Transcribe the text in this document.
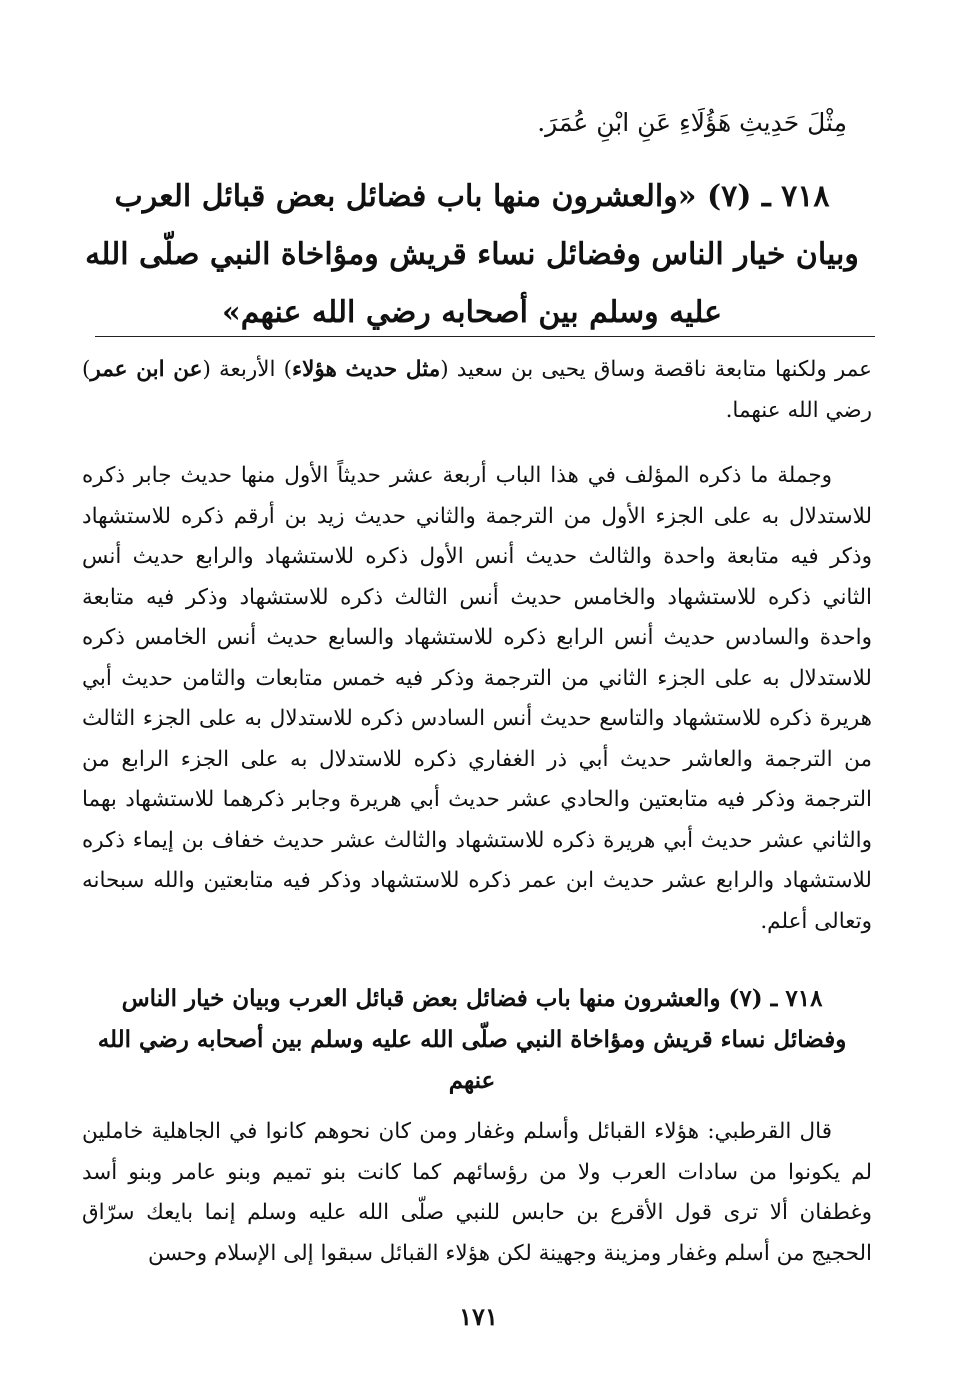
مِثْلَ حَدِيثِ هَؤُلَاءِ عَنِ ابْنِ عُمَرَ.
٧١٨ ـ (٧) «والعشرون منها باب فضائل بعض قبائل العرب وبيان خيار الناس وفضائل نساء قريش ومؤاخاة النبي صلّى الله عليه وسلم بين أصحابه رضي الله عنهم»

عمر ولكنها متابعة ناقصة وساق يحيى بن سعيد (مثل حديث هؤلاء) الأربعة (عن ابن عمر) رضي الله عنهما.

وجملة ما ذكره المؤلف في هذا الباب أربعة عشر حديثاً الأول منها حديث جابر ذكره للاستدلال به على الجزء الأول من الترجمة والثاني حديث زيد بن أرقم ذكره للاستشهاد وذكر فيه متابعة واحدة والثالث حديث أنس الأول ذكره للاستشهاد والرابع حديث أنس الثاني ذكره للاستشهاد والخامس حديث أنس الثالث ذكره للاستشهاد وذكر فيه متابعة واحدة والسادس حديث أنس الرابع ذكره للاستشهاد والسابع حديث أنس الخامس ذكره للاستدلال به على الجزء الثاني من الترجمة وذكر فيه خمس متابعات والثامن حديث أبي هريرة ذكره للاستشهاد والتاسع حديث أنس السادس ذكره للاستدلال به على الجزء الثالث من الترجمة والعاشر حديث أبي ذر الغفاري ذكره للاستدلال به على الجزء الرابع من الترجمة وذكر فيه متابعتين والحادي عشر حديث أبي هريرة وجابر ذكرهما للاستشهاد بهما والثاني عشر حديث أبي هريرة ذكره للاستشهاد والثالث عشر حديث خفاف بن إيماء ذكره للاستشهاد والرابع عشر حديث ابن عمر ذكره للاستشهاد وذكر فيه متابعتين والله سبحانه وتعالى أعلم.

٧١٨ ـ (٧) والعشرون منها باب فضائل بعض قبائل العرب وبيان خيار الناس وفضائل نساء قريش ومؤاخاة النبي صلّى الله عليه وسلم بين أصحابه رضي الله عنهم

قال القرطبي: هؤلاء القبائل وأسلم وغفار ومن كان نحوهم كانوا في الجاهلية خاملين لم يكونوا من سادات العرب ولا من رؤسائهم كما كانت بنو تميم وبنو عامر وبنو أسد وغطفان ألا ترى قول الأقرع بن حابس للنبي صلّى الله عليه وسلم إنما بايعك سرّاق الحجيج من أسلم وغفار ومزينة وجهينة لكن هؤلاء القبائل سبقوا إلى الإسلام وحسن

١٧١
